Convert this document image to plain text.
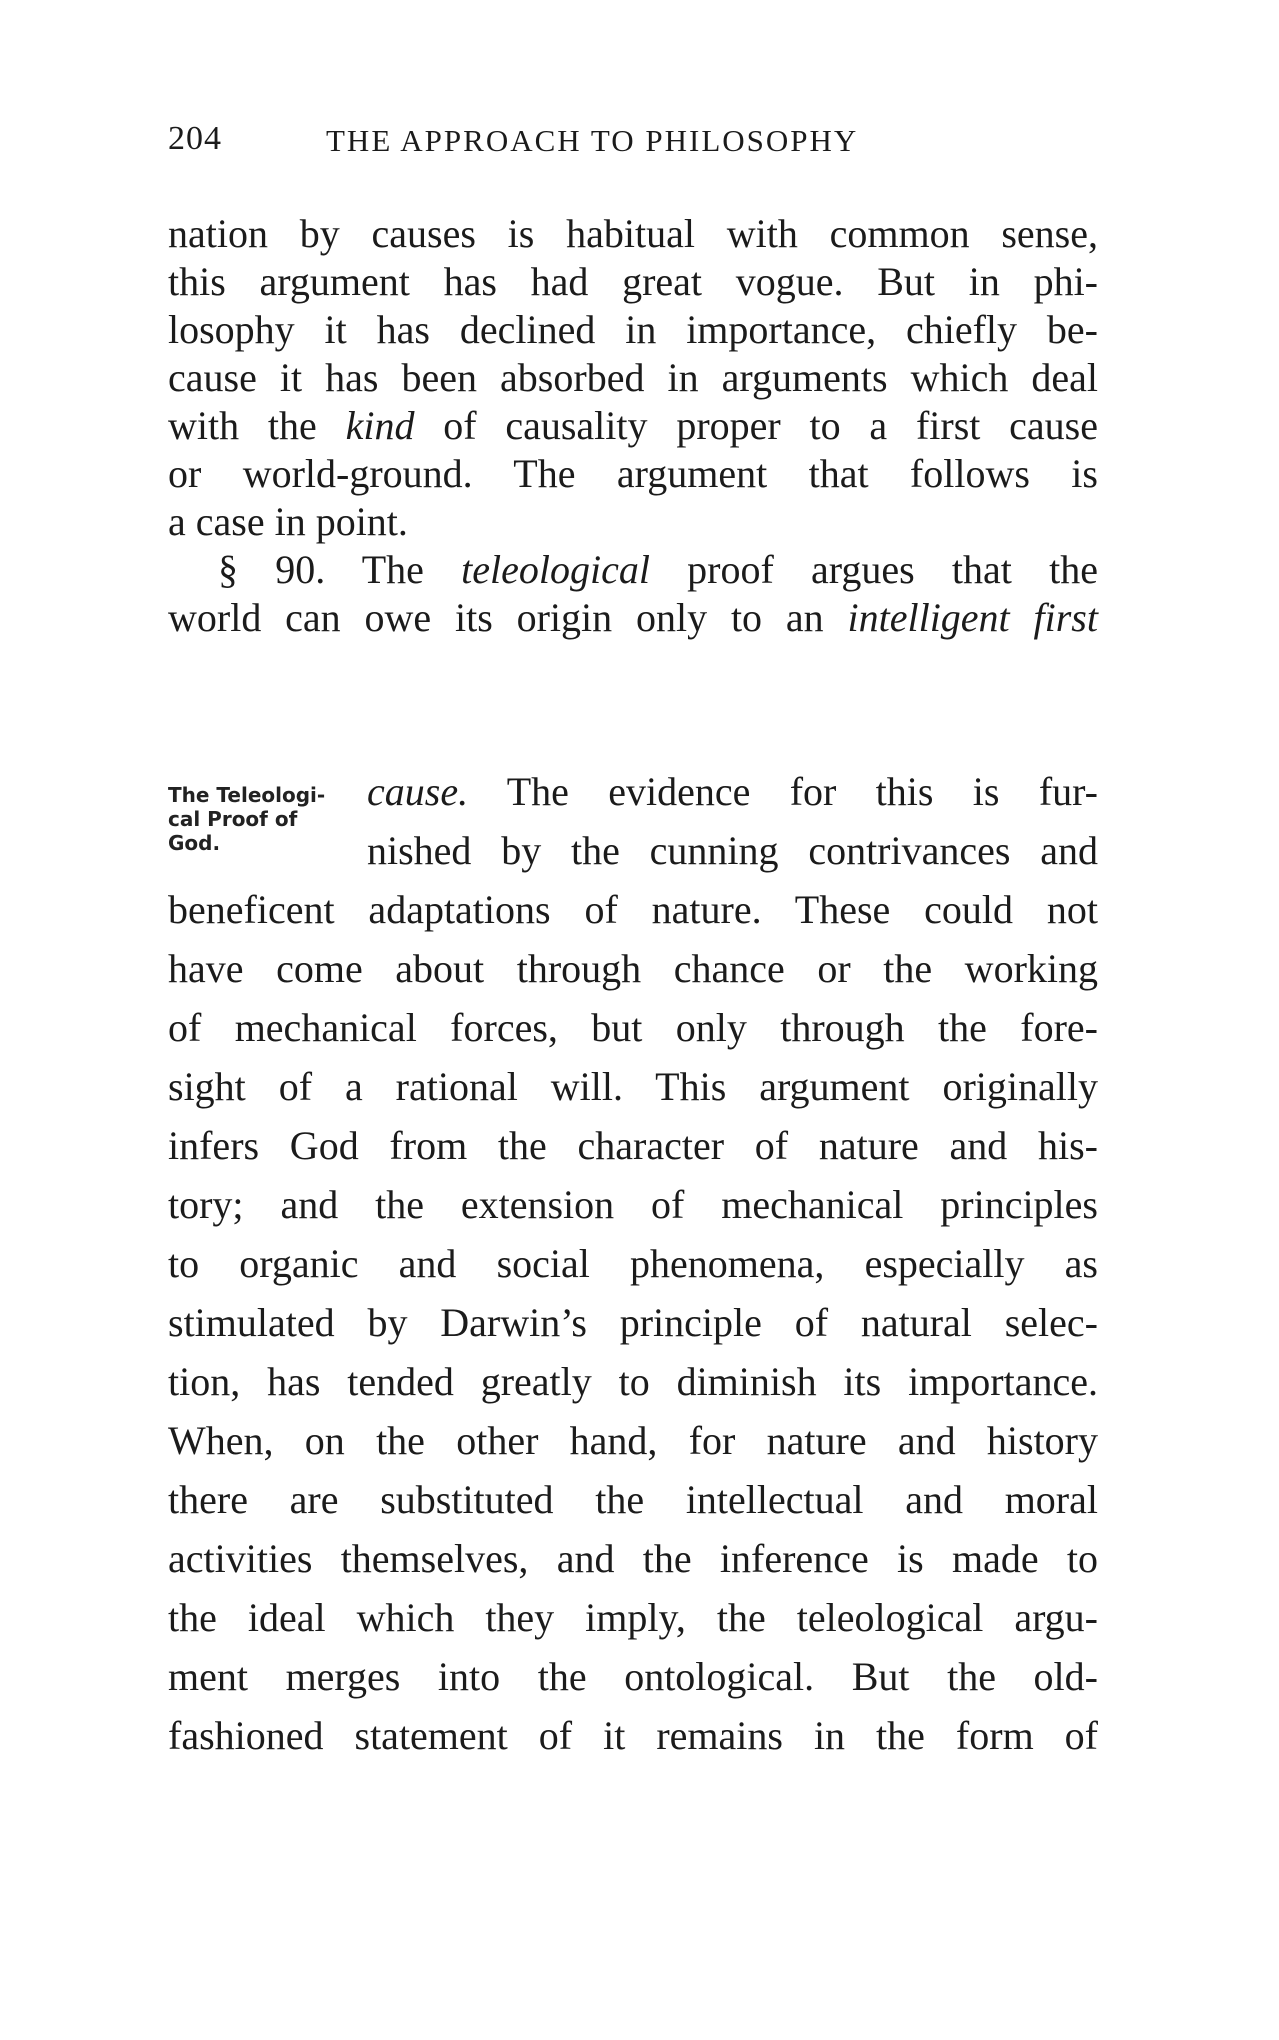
204	THE APPROACH TO PHILOSOPHY
nation by causes is habitual with common sense,
this argument has had great vogue. But in phi-
losophy it has declined in importance, chiefly be-
cause it has been absorbed in arguments which deal
with the kind of causality proper to a first cause
or world-ground. The argument that follows is
a case in point.
§ 90. The teleological proof argues that the
world can owe its origin only to an intelligent first
The Teleologi-
cal Proof of
God.
cause. The evidence for this is fur-
nished by the cunning contrivances and
beneficent adaptations of nature. These could not
have come about through chance or the working
of mechanical forces, but only through the fore-
sight of a rational will. This argument originally
infers God from the character of nature and his-
tory; and the extension of mechanical principles
to organic and social phenomena, especially as
stimulated by Darwin’s principle of natural selec-
tion, has tended greatly to diminish its importance.
When, on the other hand, for nature and history
there are substituted the intellectual and moral
activities themselves, and the inference is made to
the ideal which they imply, the teleological argu-
ment merges into the ontological. But the old-
fashioned statement of it remains in the form of
